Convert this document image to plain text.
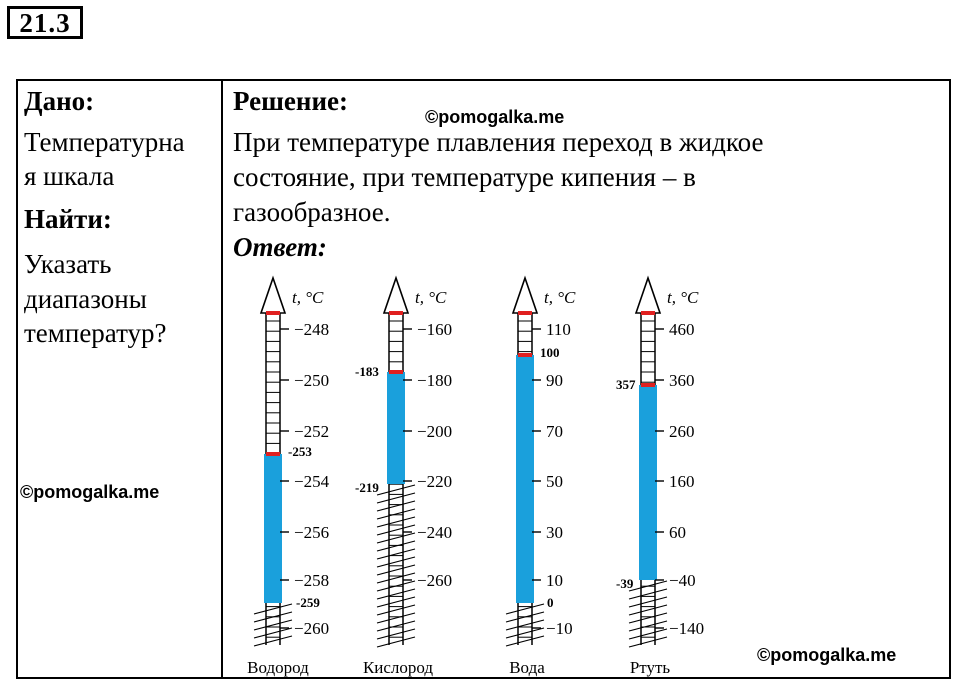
21.3
Дано:
Температурна
я шкала
Найти:
Указать
диапазоны
температур?
Решение:
При температуре плавления переход в жидкое
состояние, при температуре кипения – в
газообразное.
Ответ:
©pomogalka.me
©pomogalka.me
©pomogalka.me
t, °C
−248
−250
−252
−254
−256
−258
−260
-253
-259
Водород
t, °C
−160
−180
−200
−220
−240
−260
-183
-219
Кислород
t, °C
110
90
70
50
30
10
−10
100
0
Вода
t, °C
460
360
260
160
60
−40
−140
357
-39
Ртуть
